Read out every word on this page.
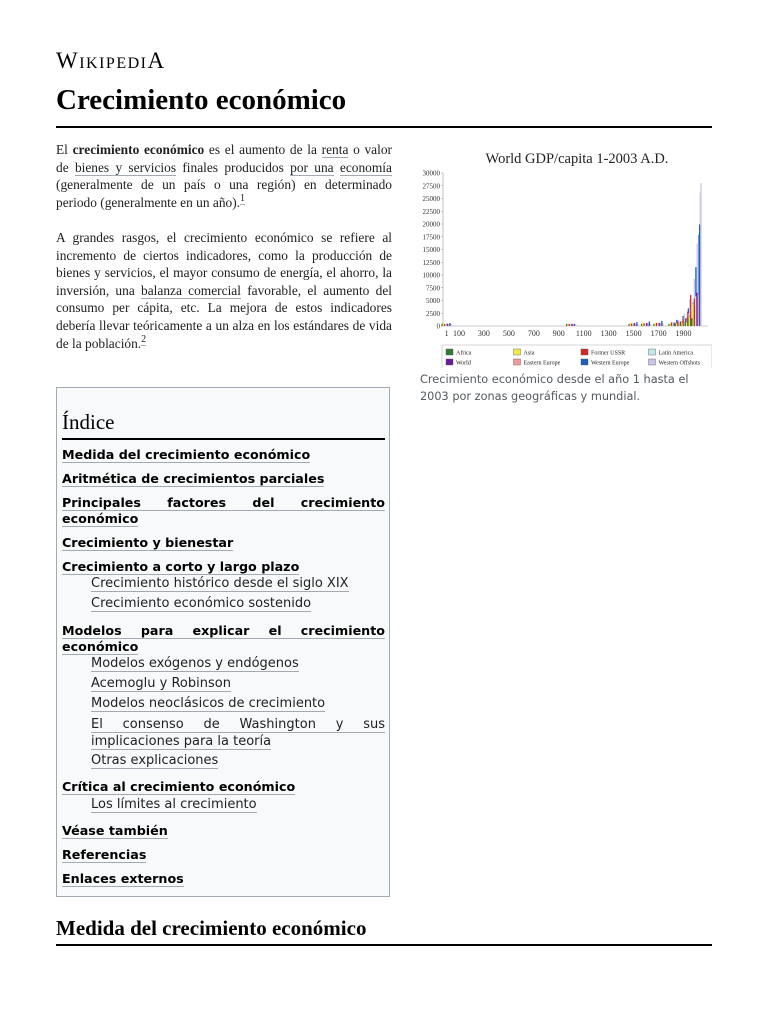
WikipediA
Crecimiento económico

El crecimiento económico es el aumento de la renta o valor de bienes y servicios finales producidos por una economía (generalmente de un país o una región) en determinado periodo (generalmente en un año).$^1$

A grandes rasgos, el crecimiento económico se refiere al incremento de ciertos indicadores, como la producción de bienes y servicios, el mayor consumo de energía, el ahorro, la inversión, una balanza comercial favorable, el aumento del consumo per cápita, etc. La mejora de estos indicadores debería llevar teóricamente a un alza en los estándares de vida de la población.$^2$

World GDP/capita 1-2003 A.D.
0
2500
5000
7500
10000
12500
15000
17500
20000
22500
25000
27500
30000
1 100 300 500 700 900 1100 1300 1500 1700 1900
Africa	Asia	Former USSR	Latin America
World	Eastern Europe	Western Europe	Western Offshots

Crecimiento económico desde el año 1 hasta el 2003 por zonas geográficas y mundial.

Índice
Medida del crecimiento económico
Aritmética de crecimientos parciales
Principales factores del crecimiento económico
Crecimiento y bienestar
Crecimiento a corto y largo plazo
Crecimiento histórico desde el siglo XIX
Crecimiento económico sostenido
Modelos para explicar el crecimiento económico
Modelos exógenos y endógenos
Acemoglu y Robinson
Modelos neoclásicos de crecimiento
El consenso de Washington y sus implicaciones para la teoría
Otras explicaciones
Crítica al crecimiento económico
Los límites al crecimiento
Véase también
Referencias
Enlaces externos
Medida del crecimiento económico
